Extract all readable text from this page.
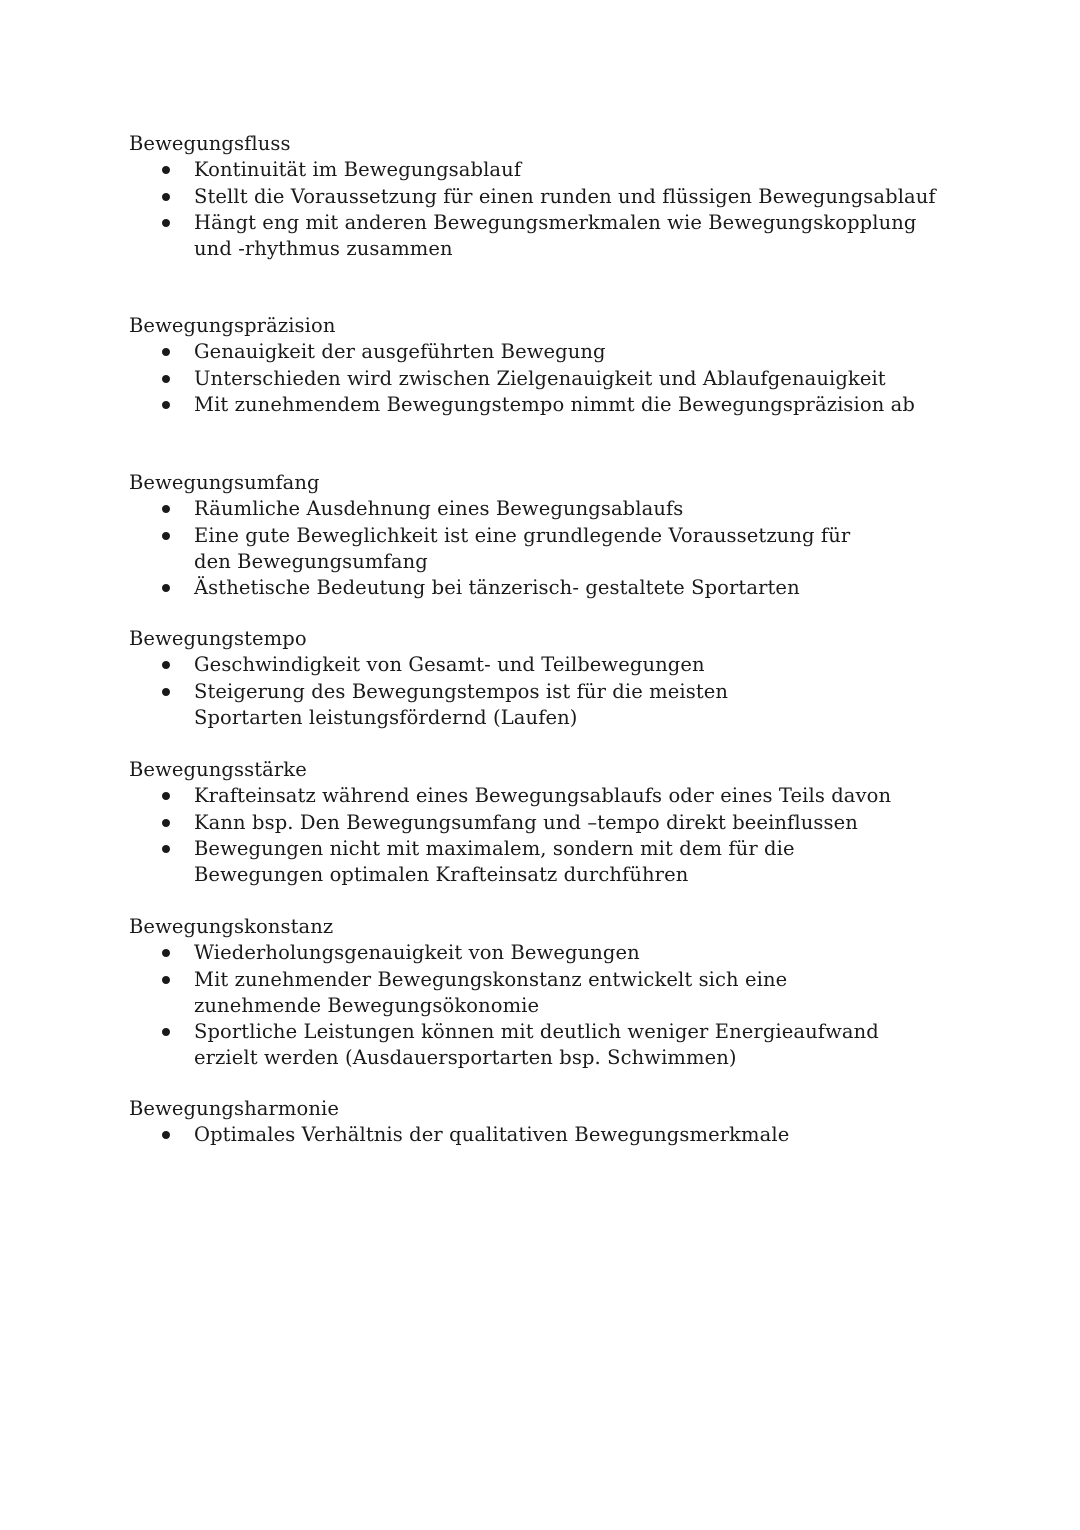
Bewegungsfluss

Kontinuität im Bewegungsablauf
Stellt die Voraussetzung für einen runden und flüssigen Bewegungsablauf
Hängt eng mit anderen Bewegungsmerkmalen wie Bewegungskopplung und -rhythmus zusammen

Bewegungspräzision

Genauigkeit der ausgeführten Bewegung
Unterschieden wird zwischen Zielgenauigkeit und Ablaufgenauigkeit
Mit zunehmendem Bewegungstempo nimmt die Bewegungspräzision ab

Bewegungsumfang

Räumliche Ausdehnung eines Bewegungsablaufs
Eine gute Beweglichkeit ist eine grundlegende Voraussetzung für den Bewegungsumfang
Ästhetische Bedeutung bei tänzerisch- gestaltete Sportarten

Bewegungstempo

Geschwindigkeit von Gesamt- und Teilbewegungen
Steigerung des Bewegungstempos ist für die meisten Sportarten leistungsfördernd (Laufen)

Bewegungsstärke

Krafteinsatz während eines Bewegungsablaufs oder eines Teils davon
Kann bsp. Den Bewegungsumfang und –tempo direkt beeinflussen
Bewegungen nicht mit maximalem, sondern mit dem für die Bewegungen optimalen Krafteinsatz durchführen

Bewegungskonstanz

Wiederholungsgenauigkeit von Bewegungen
Mit zunehmender Bewegungskonstanz entwickelt sich eine zunehmende Bewegungsökonomie
Sportliche Leistungen können mit deutlich weniger Energieaufwand erzielt werden (Ausdauersportarten bsp. Schwimmen)

Bewegungsharmonie

Optimales Verhältnis der qualitativen Bewegungsmerkmale
